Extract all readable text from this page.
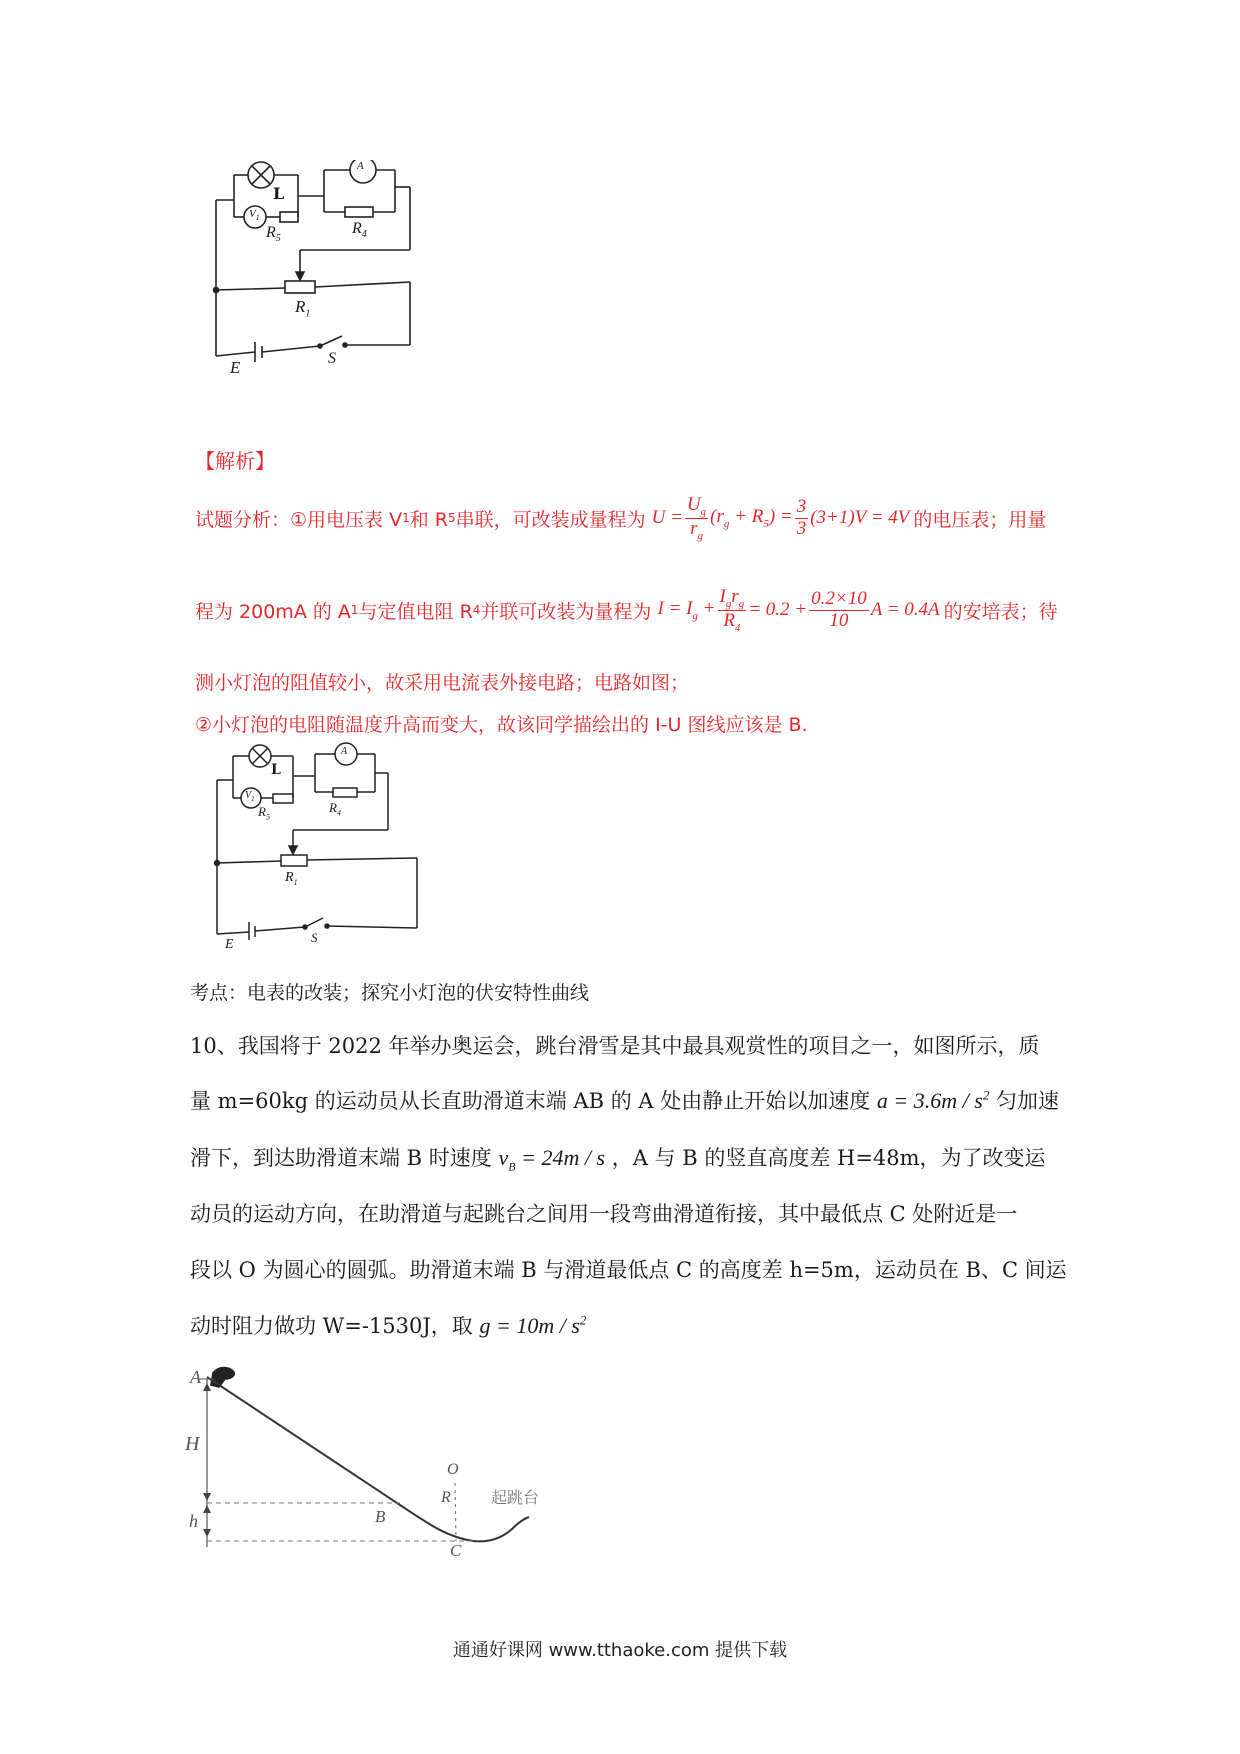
L
$V_1$
A
$R_5$
$R_4$
$R_1$
E	S
【解析】
试题分析：①用电压表 V 1 和 R 5 串联，可改装成量程为 $U = \frac{U_g}{r_g} (r_g + R_5) = \frac{3}{3} (3+1)V = 4V$ 的电压表；用量
程为 200mA 的 A 1 与定值电阻 R 4 并联可改装为量程为 $I = I_g + \frac{I_gr_g}{R_4} = 0.2 + \frac{0.2\times 10}{10}$ A = 0.4A 的安培表；待
测小灯泡的阻值较小，故采用电流表外接电路；电路如图；
②小灯泡的电阻随温度升高而变大，故该同学描绘出的 I-U 图线应该是 B.
L
$V_1$
A
$R_5$
$R_4$
$R_1$
E	S
考点：电表的改装；探究小灯泡的伏安特性曲线
10、我国将于 2022 年举办奥运会，跳台滑雪是其中最具观赏性的项目之一，如图所示，质
量 m=60kg 的运动员从长直助滑道末端 AB 的 A 处由静止开始以加速度 $a = 3.6m / s^2$ 匀加速
滑下，到达助滑道末端 B 时速度 $v_B = 24m / s$ ，A 与 B 的竖直高度差 H=48m，为了改变运
动员的运动方向，在助滑道与起跳台之间用一段弯曲滑道衔接，其中最低点 C 处附近是一
段以 O 为圆心的圆弧。助滑道末端 B 与滑道最低点 C 的高度差 h=5m，运动员在 B、C 间运
动时阻力做功 W=-1530J，取 $g = 10m / s^2$
A
H
h	B
C
O
R	起跳台
通通好课网 www.tthaoke.com 提供下载
